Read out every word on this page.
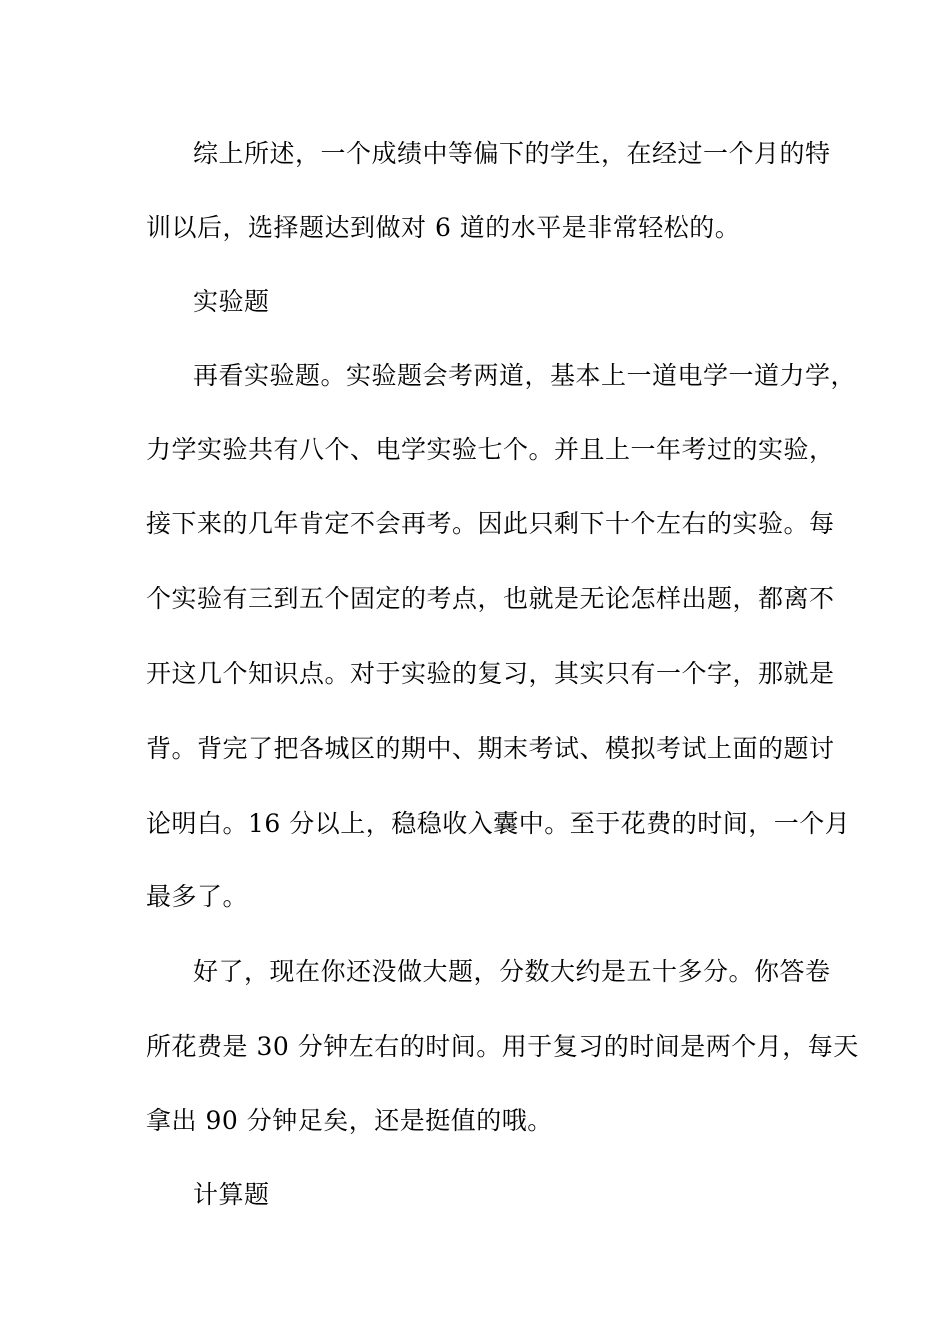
综上所述，一个成绩中等偏下的学生，在经过一个月的特

训以后，选择题达到做对 6 道的水平是非常轻松的。

实验题

再看实验题。实验题会考两道，基本上一道电学一道力学，

力学实验共有八个、电学实验七个。并且上一年考过的实验，

接下来的几年肯定不会再考。因此只剩下十个左右的实验。每

个实验有三到五个固定的考点，也就是无论怎样出题，都离不

开这几个知识点。对于实验的复习，其实只有一个字，那就是

背。背完了把各城区的期中、期末考试、模拟考试上面的题讨

论明白。16 分以上，稳稳收入囊中。至于花费的时间，一个月

最多了。

好了，现在你还没做大题，分数大约是五十多分。你答卷

所花费是 30 分钟左右的时间。用于复习的时间是两个月，每天

拿出 90 分钟足矣，还是挺值的哦。

计算题
